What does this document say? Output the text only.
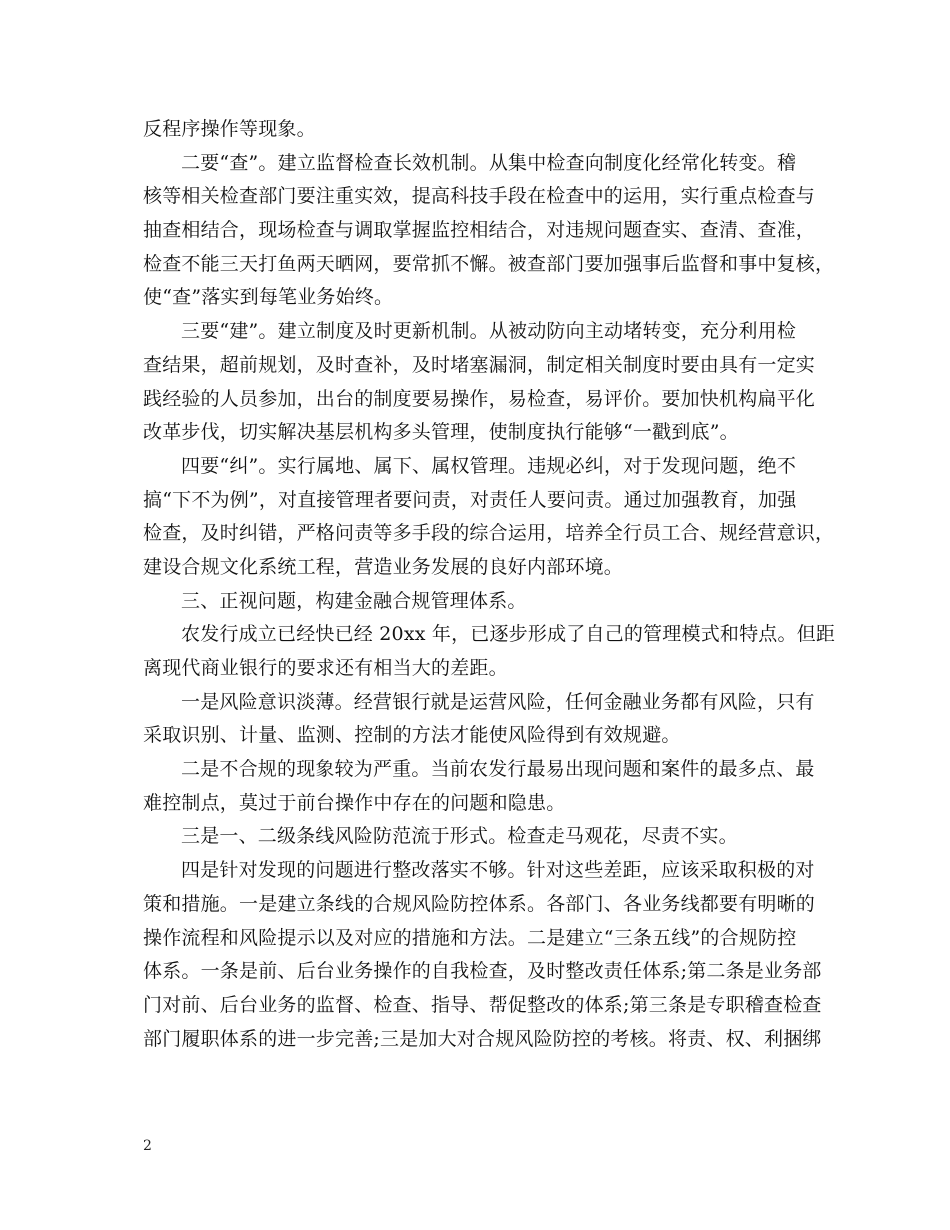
反程序操作等现象。
二要“查”。建立监督检查长效机制。从集中检查向制度化经常化转变。稽
核等相关检查部门要注重实效，提高科技手段在检查中的运用，实行重点检查与
抽查相结合，现场检查与调取掌握监控相结合，对违规问题查实、查清、查准，
检查不能三天打鱼两天晒网，要常抓不懈。被查部门要加强事后监督和事中复核，
使“查”落实到每笔业务始终。
三要“建”。建立制度及时更新机制。从被动防向主动堵转变，充分利用检
查结果，超前规划，及时查补，及时堵塞漏洞，制定相关制度时要由具有一定实
践经验的人员参加，出台的制度要易操作，易检查，易评价。要加快机构扁平化
改革步伐，切实解决基层机构多头管理，使制度执行能够“一戳到底”。
四要“纠”。实行属地、属下、属权管理。违规必纠，对于发现问题，绝不
搞“下不为例”，对直接管理者要问责，对责任人要问责。通过加强教育，加强
检查，及时纠错，严格问责等多手段的综合运用，培养全行员工合、规经营意识，
建设合规文化系统工程，营造业务发展的良好内部环境。
三、正视问题，构建金融合规管理体系。
农发行成立已经快已经 20xx 年，已逐步形成了自己的管理模式和特点。但距
离现代商业银行的要求还有相当大的差距。
一是风险意识淡薄。经营银行就是运营风险，任何金融业务都有风险，只有
采取识别、计量、监测、控制的方法才能使风险得到有效规避。
二是不合规的现象较为严重。当前农发行最易出现问题和案件的最多点、最
难控制点，莫过于前台操作中存在的问题和隐患。
三是一、二级条线风险防范流于形式。检查走马观花，尽责不实。
四是针对发现的问题进行整改落实不够。针对这些差距，应该采取积极的对
策和措施。一是建立条线的合规风险防控体系。各部门、各业务线都要有明晰的
操作流程和风险提示以及对应的措施和方法。二是建立“三条五线”的合规防控
体系。一条是前、后台业务操作的自我检查，及时整改责任体系;第二条是业务部
门对前、后台业务的监督、检查、指导、帮促整改的体系;第三条是专职稽查检查
部门履职体系的进一步完善;三是加大对合规风险防控的考核。将责、权、利捆绑
2
